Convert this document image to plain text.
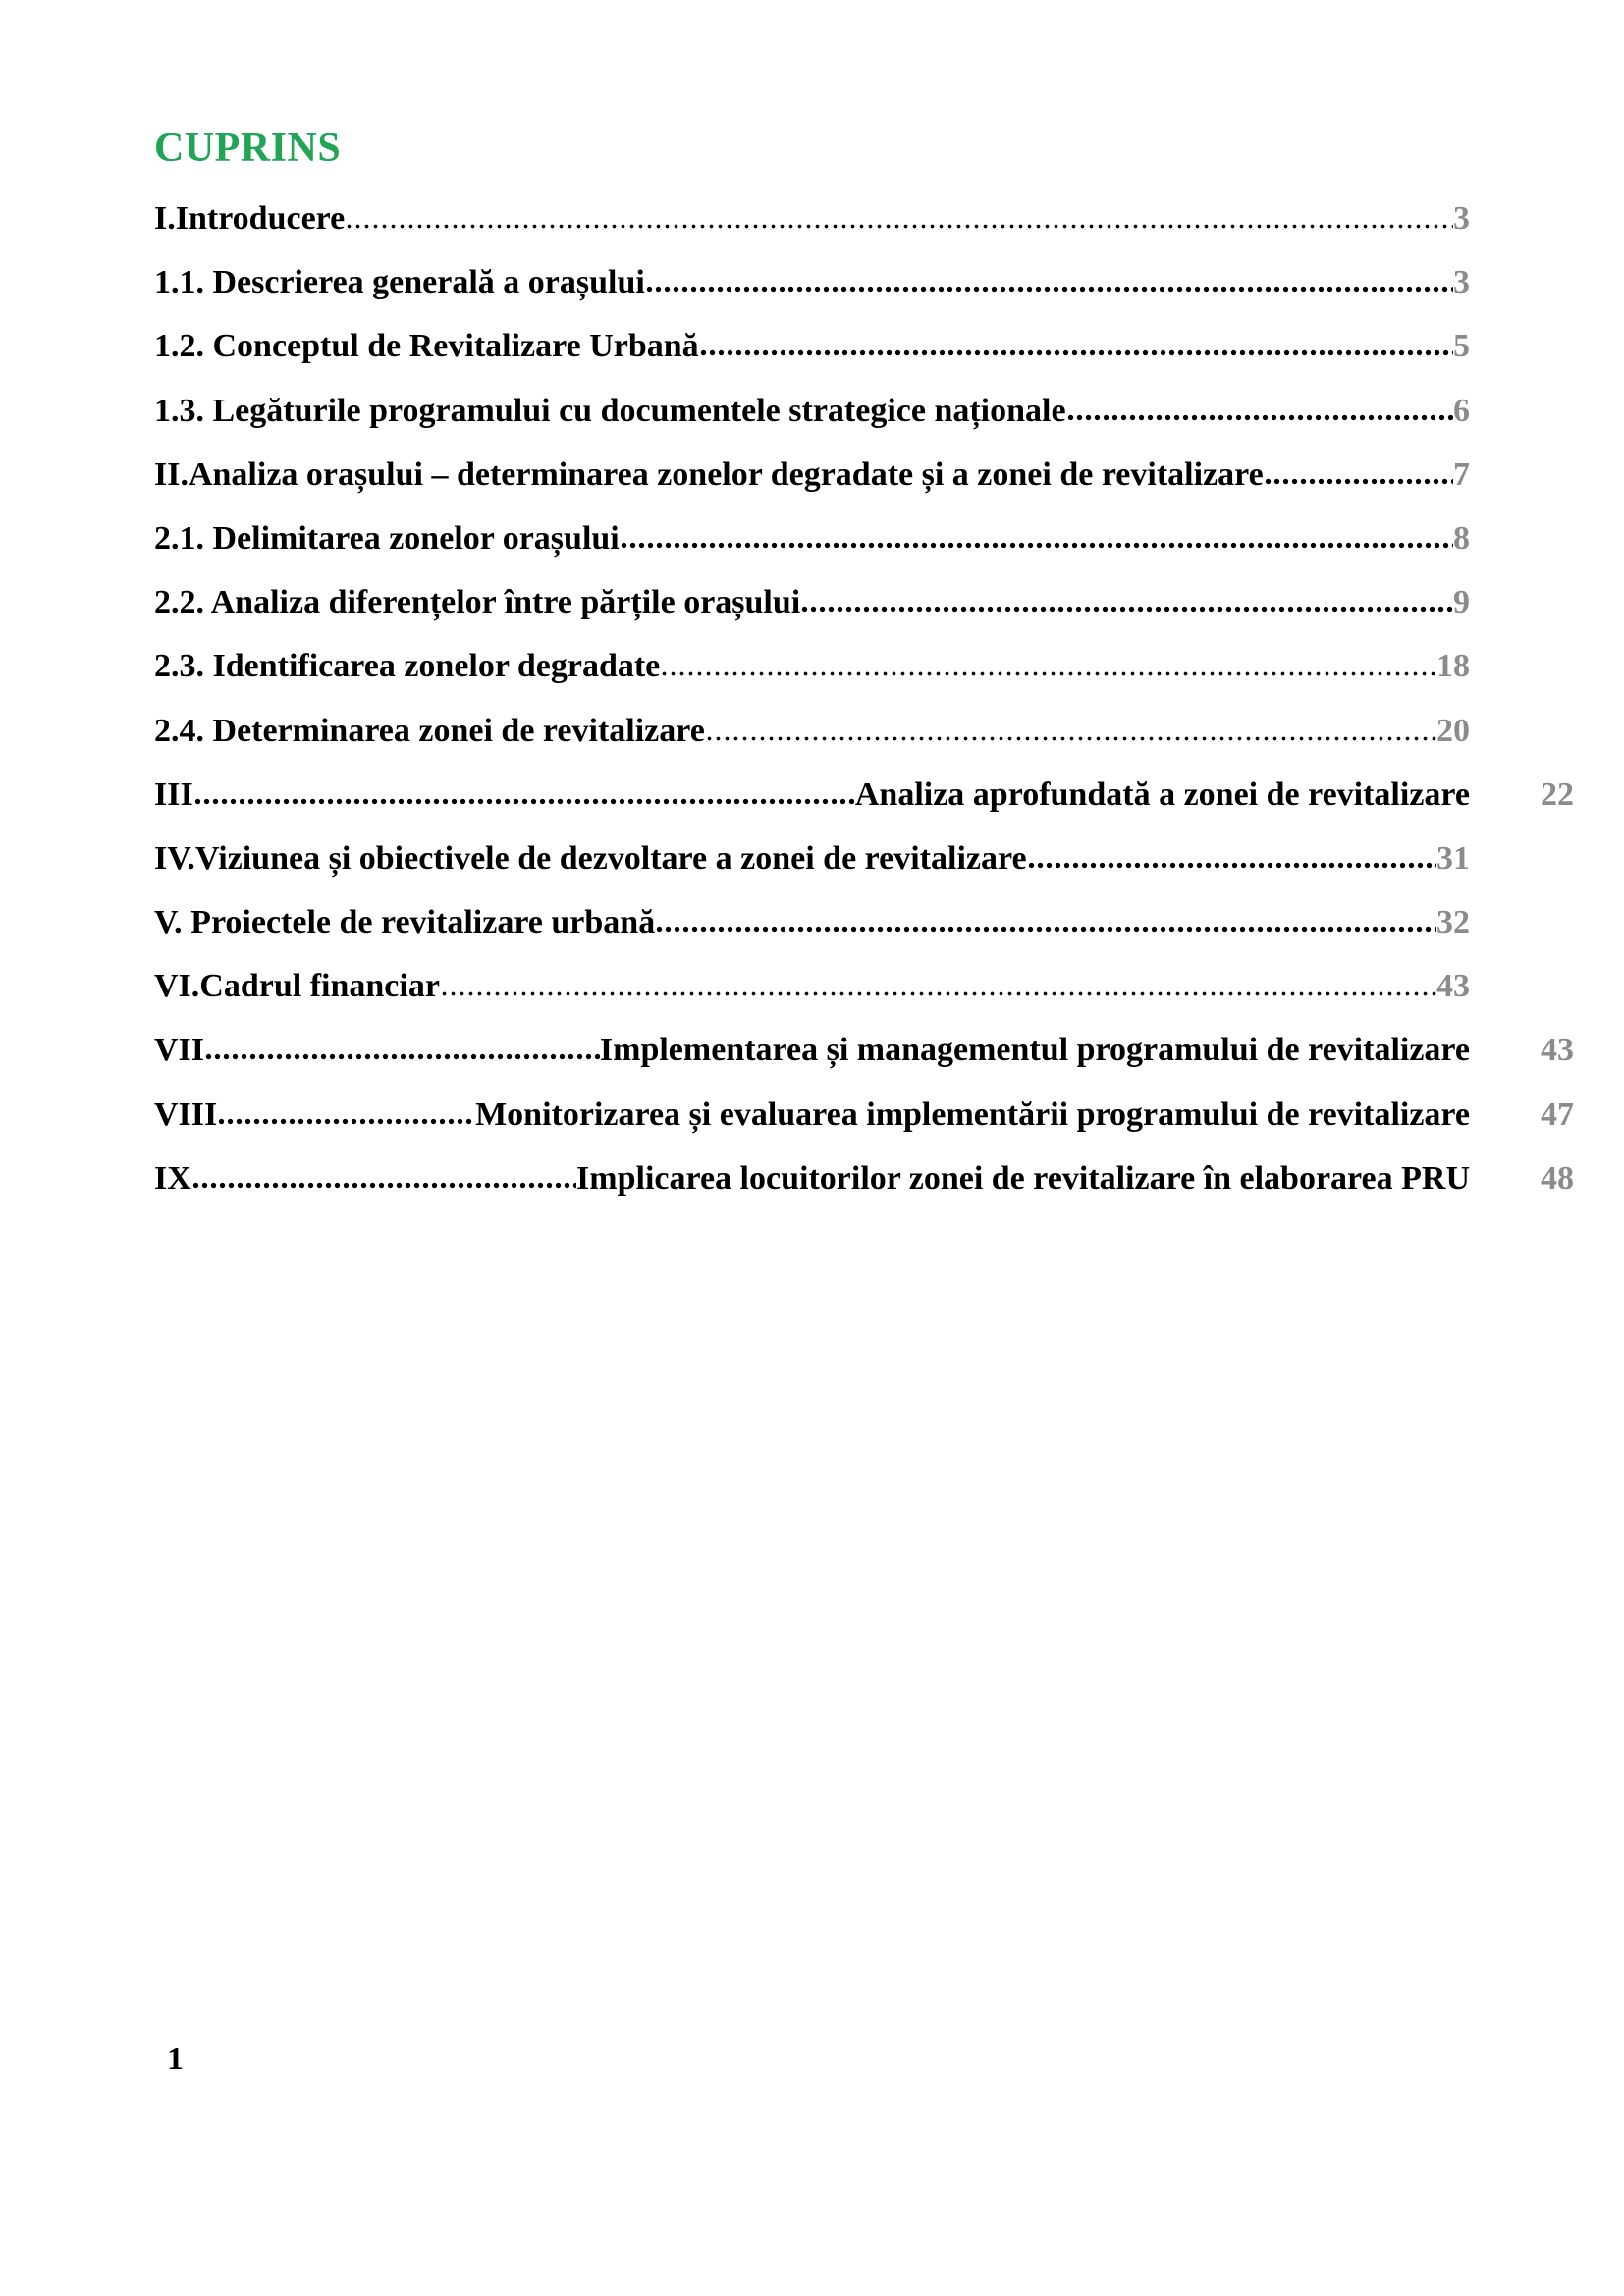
CUPRINS
I.Introducere	3
1.1. Descrierea generală a orașului	3
1.2. Conceptul de Revitalizare Urbană	5
1.3. Legăturile programului cu documentele strategice naționale	6
II.Analiza orașului – determinarea zonelor degradate și a zonei de revitalizare	7
2.1. Delimitarea zonelor orașului	8
2.2. Analiza diferențelor între părțile orașului	9
2.3. Identificarea zonelor degradate	18
2.4. Determinarea zonei de revitalizare	20
III	Analiza aprofundată a zonei de revitalizare 22
IV.Viziunea și obiectivele de dezvoltare a zonei de revitalizare	31
V. Proiectele de revitalizare urbană	32
VI.Cadrul financiar	43
VII	Implementarea și managementul programului de revitalizare 43
VIII	Monitorizarea și evaluarea implementării programului de revitalizare 47
IX	Implicarea locuitorilor zonei de revitalizare în elaborarea PRU 48
1
